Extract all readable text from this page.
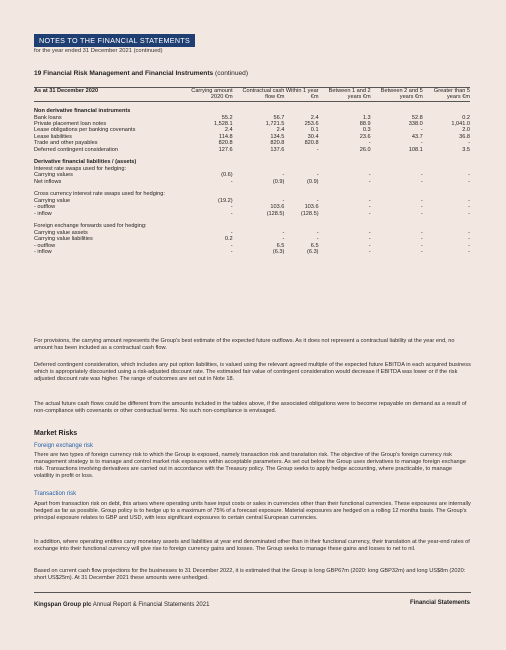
NOTES TO THE FINANCIAL STATEMENTS
for the year ended 31 December 2021 (continued)
19 Financial Risk Management and Financial Instruments (continued)
As at 31 December 2020	Carrying amount 2020 €m	Contractual cash flow €m	Within 1 year €m	Between 1 and 2 years €m	Between 2 and 5 years €m	Greater than 5 years €m

Non derivative financial instruments						
Bank loans	55.2	56.7	2.4	1.3	52.8	0.2
Private placement loan notes	1,528.1	1,721.5	253.6	88.9	338.0	1,041.0
Lease obligations per banking covenants	2.4	2.4	0.1	0.3	-	2.0
Lease liabilities	114.8	134.5	30.4	23.6	43.7	36.8
Trade and other payables	820.8	820.8	820.8	-	-	-
Deferred contingent consideration	127.6	137.6	-	26.0	108.1	3.5

Derivative financial liabilities / (assets)						
Interest rate swaps used for hedging:						
Carrying values	(0.6)	-	-	-	-	-
Net inflows	-	(0.9)	(0.9)	-	-	-

Cross currency interest rate swaps used for hedging:						
Carrying value	(19.2)	-	-	-	-	-
- outflow	-	103.6	103.6	-	-	-
- inflow	-	(128.5)	(128.5)	-	-	-

Foreign exchange forwards used for hedging:						
Carrying value assets	-	-	-	-	-	-
Carrying value liabilities	0.2	-	-	-	-	-
- outflow	-	6.5	6.5	-	-	-
- inflow	-	(6.3)	(6.3)	-	-	-
For provisions, the carrying amount represents the Group's best estimate of the expected future outflows. As it does not represent a contractual liability at the year end, no amount has been included as a contractual cash flow.
Deferred contingent consideration, which includes any put option liabilities, is valued using the relevant agreed multiple of the expected future EBITDA in each acquired business which is appropriately discounted using a risk-adjusted discount rate. The estimated fair value of contingent consideration would decrease if EBITDA was lower or if the risk adjusted discount rate was higher. The range of outcomes are set out in Note 18.
The actual future cash flows could be different from the amounts included in the tables above, if the associated obligations were to become repayable on demand as a result of non-compliance with covenants or other contractual terms. No such non-compliance is envisaged.
Market Risks
Foreign exchange risk
There are two types of foreign currency risk to which the Group is exposed, namely transaction risk and translation risk. The objective of the Group's foreign currency risk management strategy is to manage and control market risk exposures within acceptable parameters. As set out below the Group uses derivatives to manage foreign exchange risk. Transactions involving derivatives are carried out in accordance with the Treasury policy. The Group seeks to apply hedge accounting, where practicable, to manage volatility in profit or loss.
Transaction risk
Apart from transaction risk on debt, this arises where operating units have input costs or sales in currencies other than their functional currencies. These exposures are internally hedged as far as possible. Group policy is to hedge up to a maximum of 75% of a forecast exposure. Material exposures are hedged on a rolling 12 months basis. The Group's principal exposure relates to GBP and USD, with less significant exposures to certain central European currencies.
In addition, where operating entities carry monetary assets and liabilities at year end denominated other than in their functional currency, their translation at the year-end rates of exchange into their functional currency will give rise to foreign currency gains and losses. The Group seeks to manage these gains and losses to net to nil.
Based on current cash flow projections for the businesses to 31 December 2022, it is estimated that the Group is long GBP67m (2020: long GBP32m) and long US$8m (2020: short US$25m). At 31 December 2021 these amounts were unhedged.
Kingspan Group plc Annual Report & Financial Statements 2021	Financial Statements
